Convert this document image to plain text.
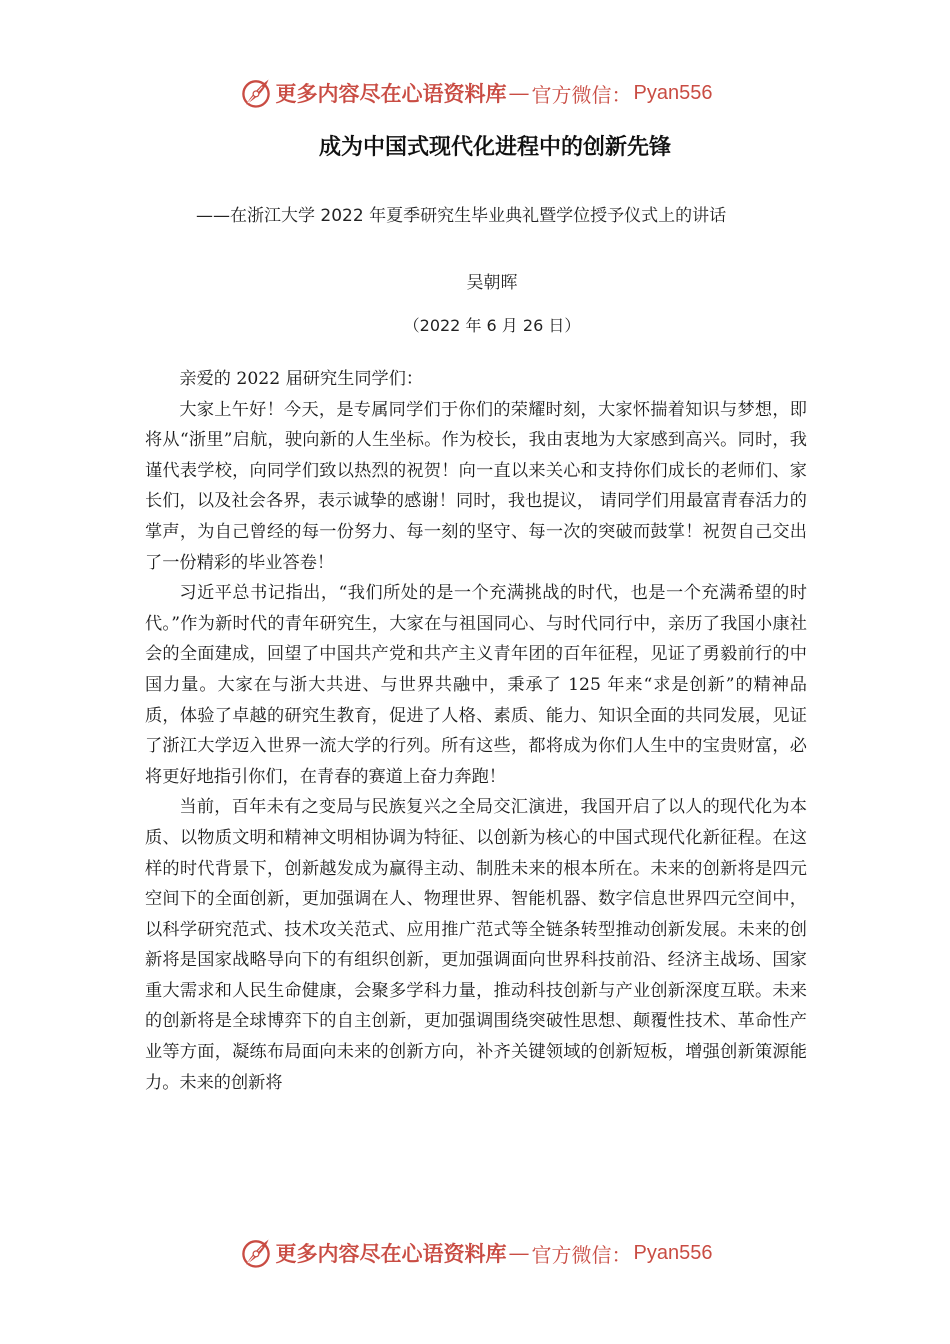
更多内容尽在心语资料库 — 官方微信： Pyan556
成为中国式现代化进程中的创新先锋
——在浙江大学 2022 年夏季研究生毕业典礼暨学位授予仪式上的讲话
吴朝晖
（2022 年 6 月 26 日）

亲爱的 2022 届研究生同学们：

大家上午好！今天，是专属同学们于你们的荣耀时刻，大家怀揣着知识与梦想，即将从“浙里”启航，驶向新的人生坐标。作为校长，我由衷地为大家感到高兴。同时，我谨代表学校，向同学们致以热烈的祝贺！向一直以来关心和支持你们成长的老师们、家长们，以及社会各界，表示诚挚的感谢！同时，我也提议， 请同学们用最富青春活力的掌声，为自己曾经的每一份努力、每一刻的坚守、每一次的突破而鼓掌！祝贺自己交出了一份精彩的毕业答卷！

习近平总书记指出，“我们所处的是一个充满挑战的时代，也是一个充满希望的时代。”作为新时代的青年研究生，大家在与祖国同心、与时代同行中，亲历了我国小康社会的全面建成，回望了中国共产党和共产主义青年团的百年征程，见证了勇毅前行的中国力量。大家在与浙大共进、与世界共融中，秉承了 125 年来“求是创新”的精神品质，体验了卓越的研究生教育，促进了人格、素质、能力、知识全面的共同发展，见证了浙江大学迈入世界一流大学的行列。所有这些，都将成为你们人生中的宝贵财富，必将更好地指引你们，在青春的赛道上奋力奔跑！

当前，百年未有之变局与民族复兴之全局交汇演进，我国开启了以人的现代化为本质、以物质文明和精神文明相协调为特征、以创新为核心的中国式现代化新征程。在这样的时代背景下，创新越发成为赢得主动、制胜未来的根本所在。未来的创新将是四元空间下的全面创新，更加强调在人、物理世界、智能机器、数字信息世界四元空间中，以科学研究范式、技术攻关范式、应用推广范式等全链条转型推动创新发展。未来的创新将是国家战略导向下的有组织创新，更加强调面向世界科技前沿、经济主战场、国家重大需求和人民生命健康，会聚多学科力量，推动科技创新与产业创新深度互联。未来的创新将是全球博弈下的自主创新，更加强调围绕突破性思想、颠覆性技术、革命性产业等方面，凝练布局面向未来的创新方向，补齐关键领域的创新短板，增强创新策源能力。未来的创新将

更多内容尽在心语资料库 — 官方微信： Pyan556
